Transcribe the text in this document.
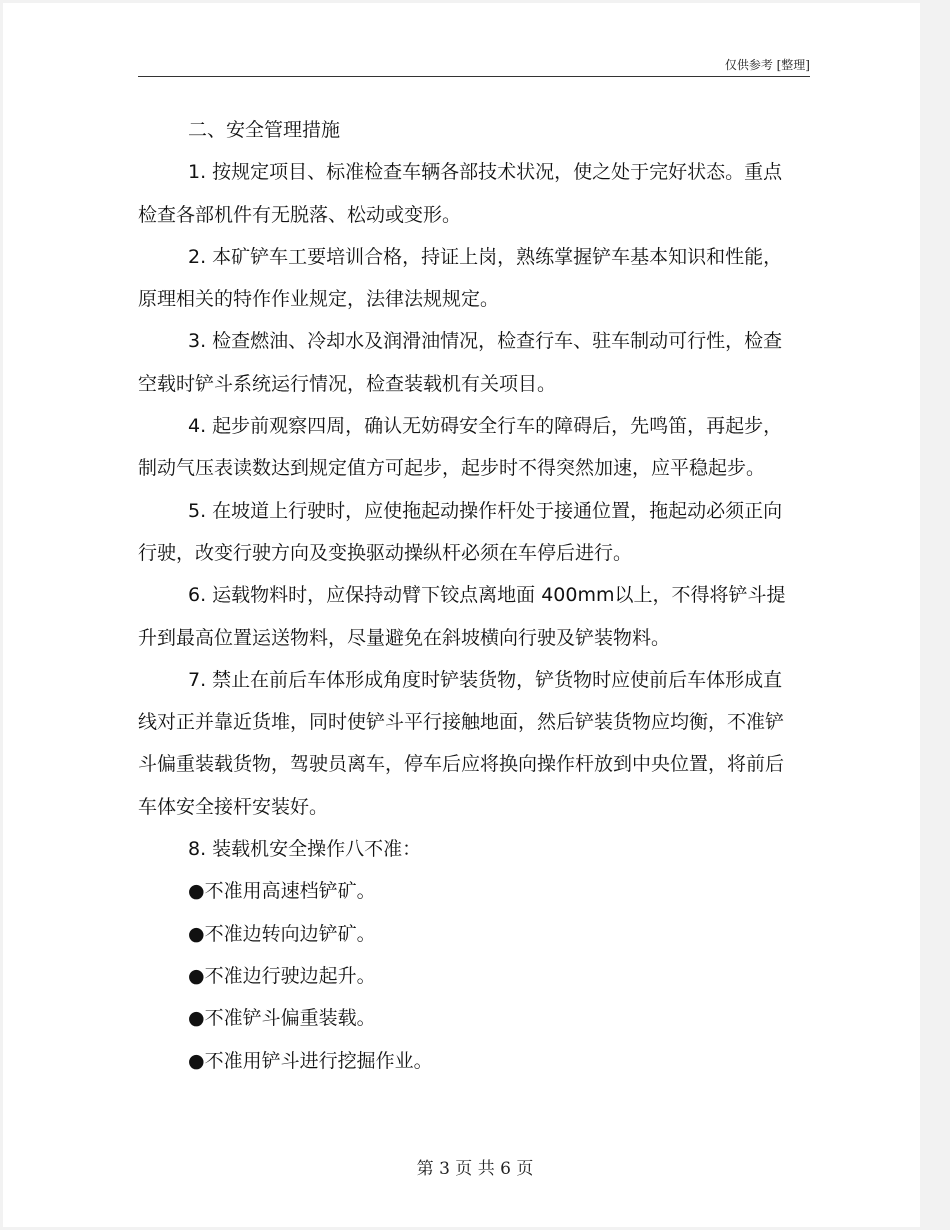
仅供参考 [整理]

二、安全管理措施

1. 按规定项目、标准检查车辆各部技术状况，使之处于完好状态。重点检查各部机件有无脱落、松动或变形。

2. 本矿铲车工要培训合格，持证上岗，熟练掌握铲车基本知识和性能，原理相关的特作作业规定，法律法规规定。

3. 检查燃油、冷却水及润滑油情况，检查行车、驻车制动可行性，检查空载时铲斗系统运行情况，检查装载机有关项目。

4. 起步前观察四周，确认无妨碍安全行车的障碍后，先鸣笛，再起步，制动气压表读数达到规定值方可起步，起步时不得突然加速，应平稳起步。

5. 在坡道上行驶时，应使拖起动操作杆处于接通位置，拖起动必须正向行驶，改变行驶方向及变换驱动操纵杆必须在车停后进行。

6. 运载物料时，应保持动臂下铰点离地面 400mm以上，不得将铲斗提升到最高位置运送物料，尽量避免在斜坡横向行驶及铲装物料。

7. 禁止在前后车体形成角度时铲装货物，铲货物时应使前后车体形成直线对正并靠近货堆，同时使铲斗平行接触地面，然后铲装货物应均衡，不准铲斗偏重装载货物，驾驶员离车，停车后应将换向操作杆放到中央位置，将前后车体安全接杆安装好。

8. 装载机安全操作八不准：

●不准用高速档铲矿。

●不准边转向边铲矿。

●不准边行驶边起升。

●不准铲斗偏重装载。

●不准用铲斗进行挖掘作业。

第 3 页 共 6 页
